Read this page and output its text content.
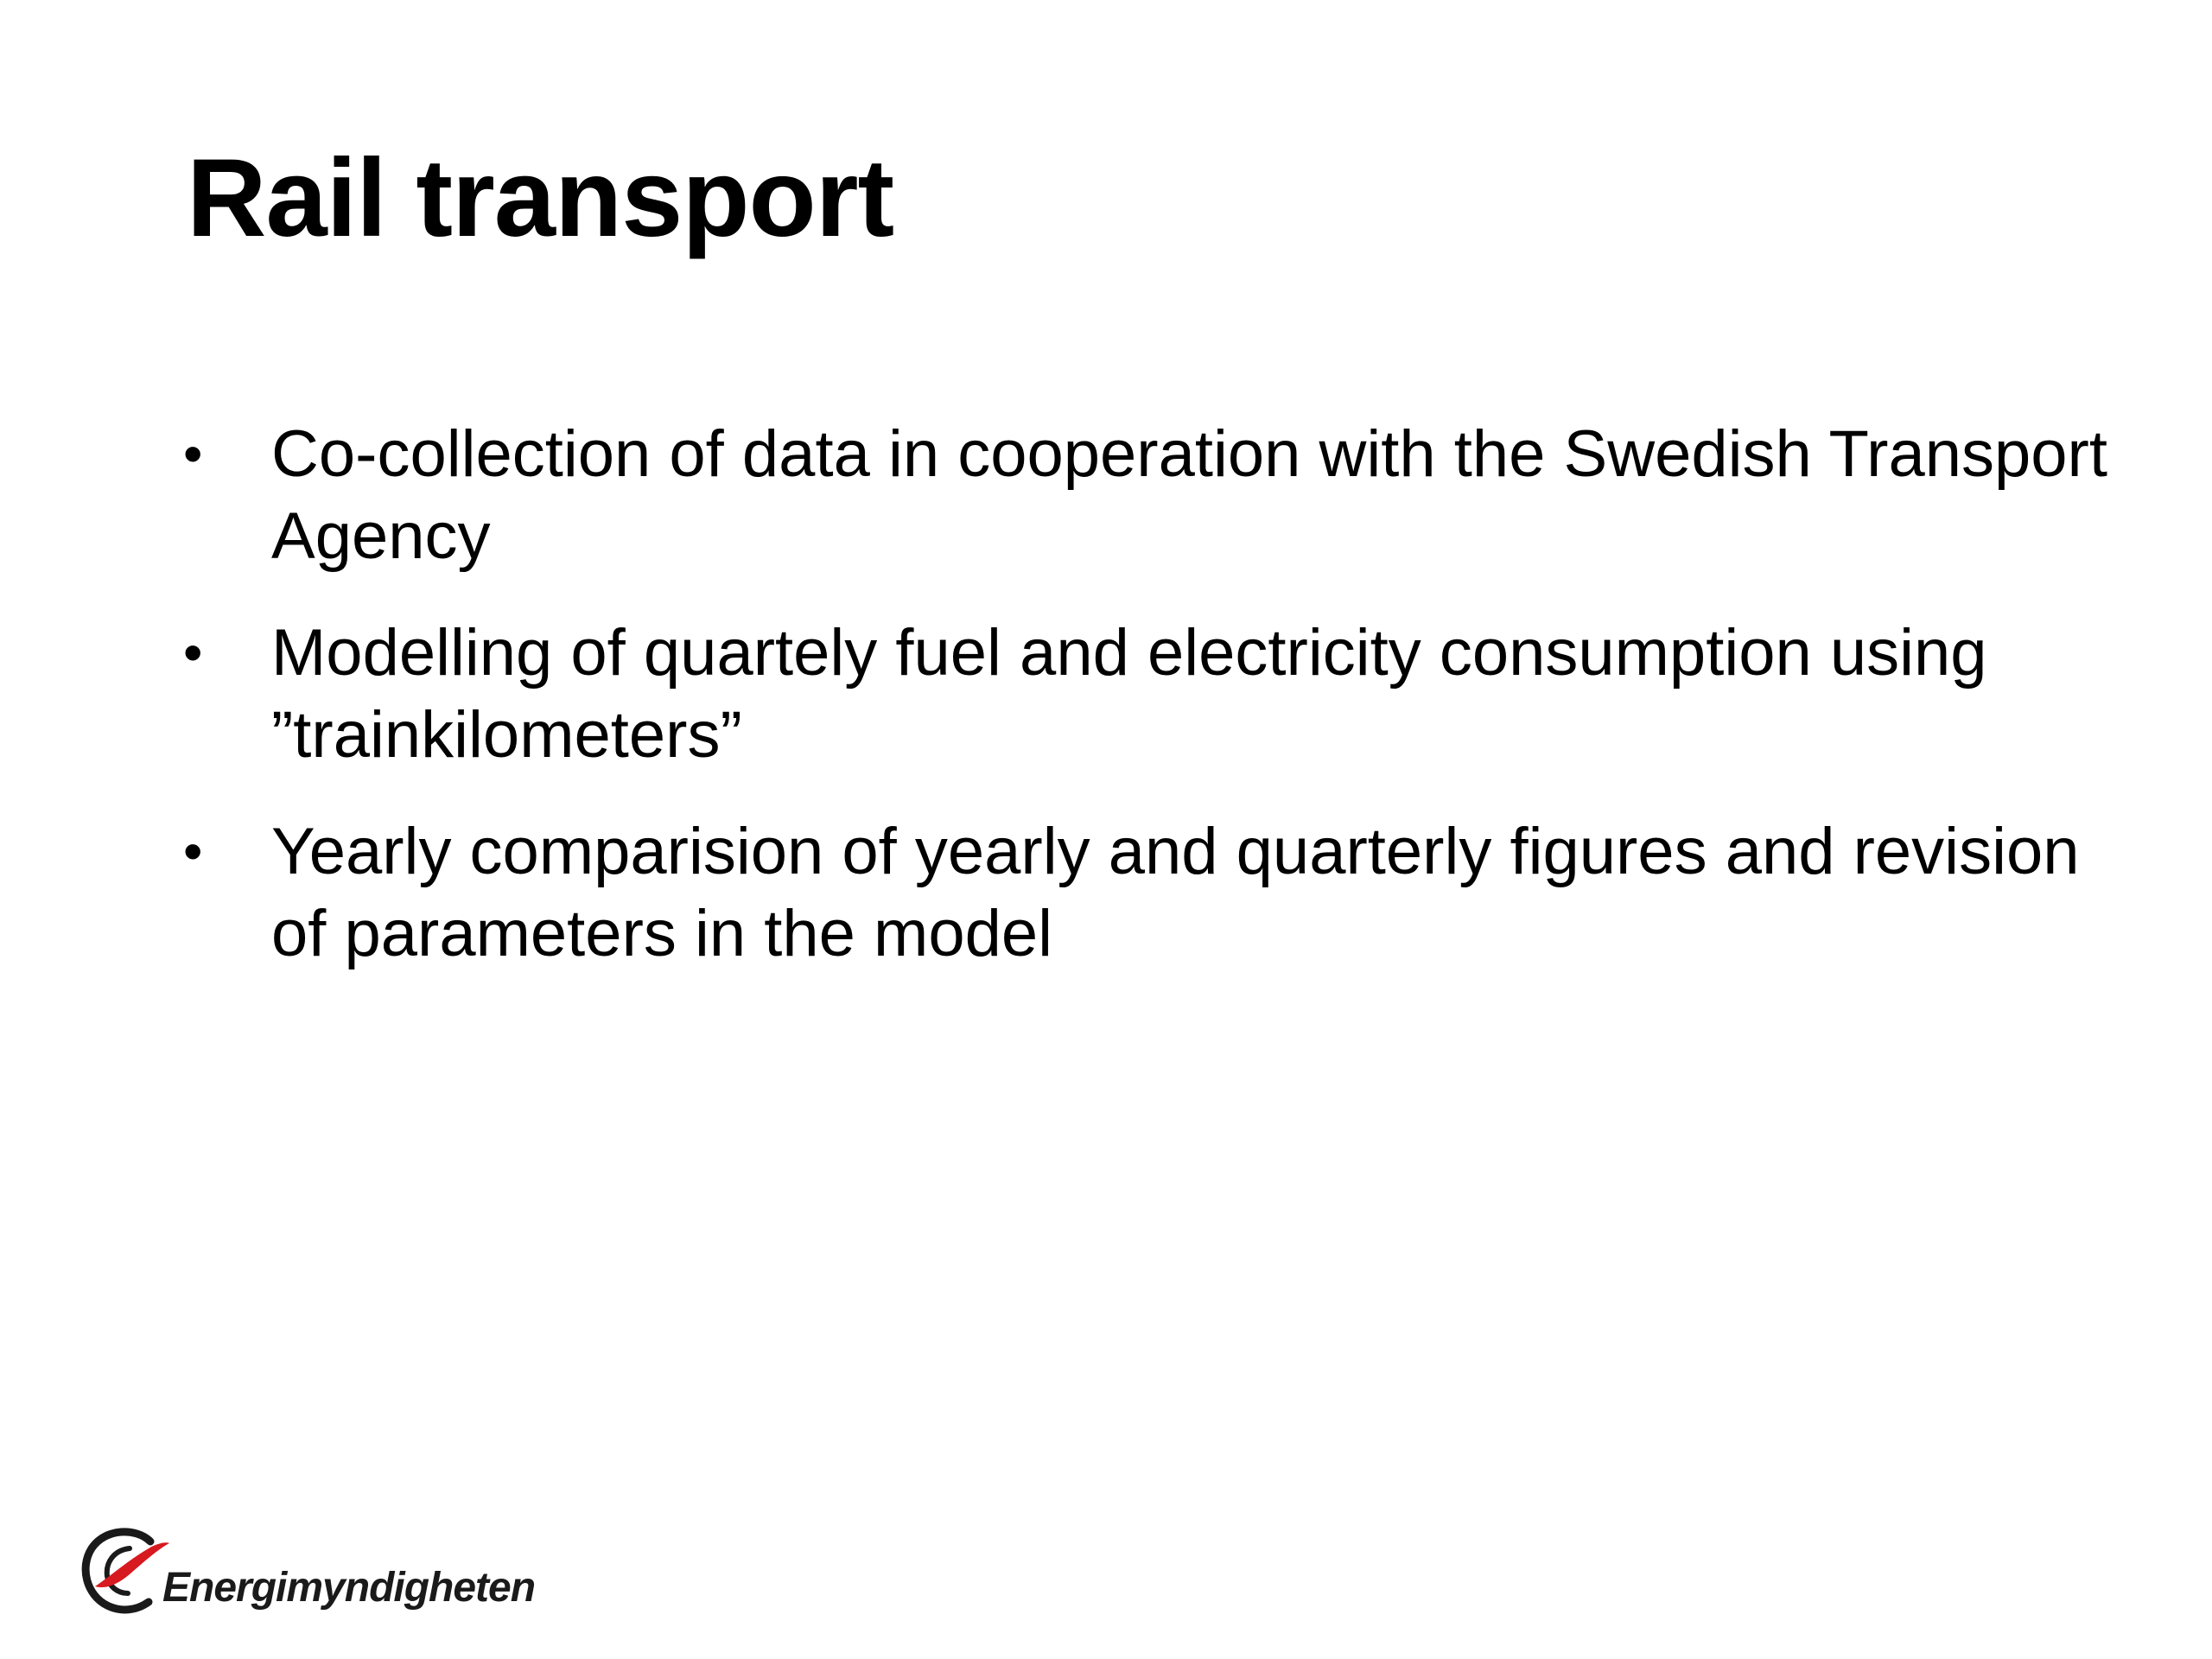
Rail transport
• Co-collection of data in cooperation with the Swedish Transport Agency
• Modelling of quartely fuel and electricity consumption using ”trainkilometers”
• Yearly comparision of yearly and quarterly figures and revision of parameters in the model
Energimyndigheten
